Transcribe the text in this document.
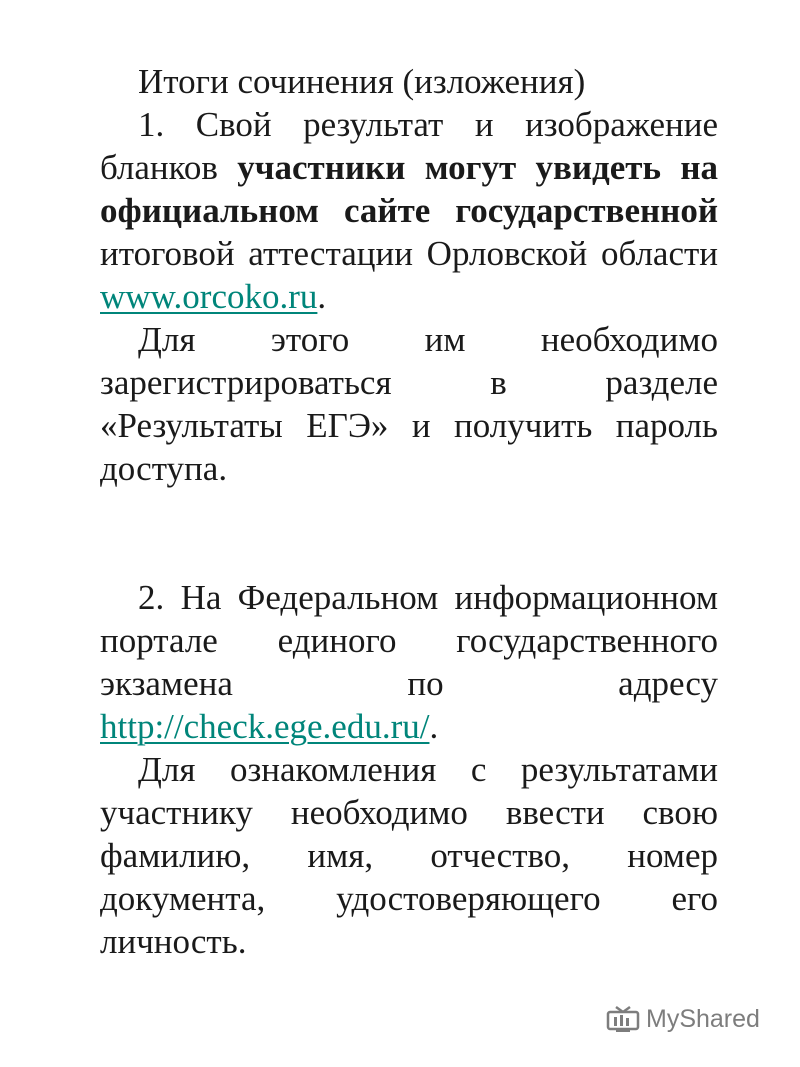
Итоги сочинения (изложения)

1. Свой результат и изображение бланков участники могут увидеть на официальном сайте государственной итоговой аттестации Орловской области www.orcoko.ru.

Для этого им необходимо зарегистрироваться в разделе «Результаты ЕГЭ» и получить пароль доступа.

2. На Федеральном информационном портале единого государственного экзамена по адресу http://check.ege.edu.ru/.

Для ознакомления с результатами участнику необходимо ввести свою фамилию, имя, отчество, номер документа, удостоверяющего его личность.

MyShared
